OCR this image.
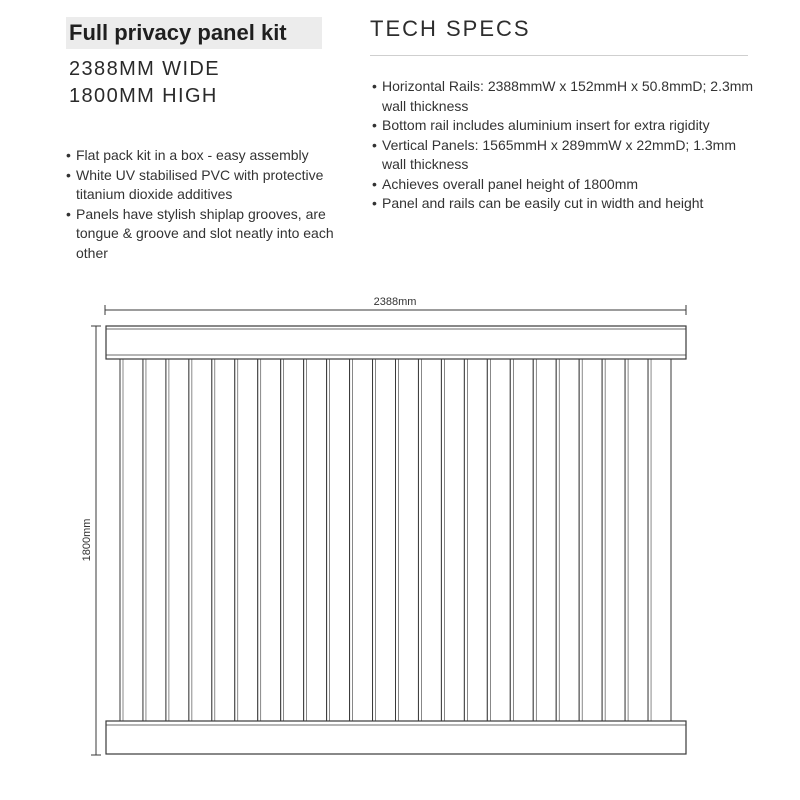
Full privacy panel kit
2388MM WIDE
1800MM HIGH
• Flat pack kit in a box - easy assembly
• White UV stabilised PVC with protective titanium dioxide additives
• Panels have stylish shiplap grooves, are tongue & groove and slot neatly into each other
TECH SPECS
• Horizontal Rails: 2388mmW x 152mmH x 50.8mmD; 2.3mm wall thickness
• Bottom rail includes aluminium insert for extra rigidity
• Vertical Panels: 1565mmH x 289mmW x 22mmD; 1.3mm wall thickness
• Achieves overall panel height of 1800mm
• Panel and rails can be easily cut in width and height
2388mm
1800mm
